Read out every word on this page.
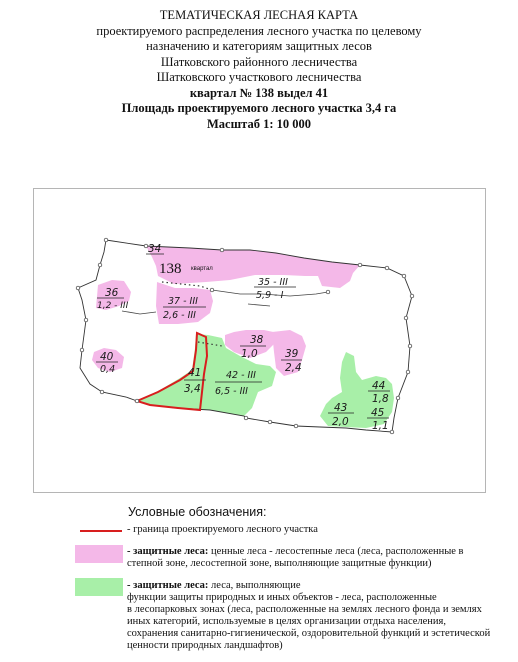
ТЕМАТИЧЕСКАЯ ЛЕСНАЯ КАРТА
проектируемого распределения лесного участка по целевому
назначению и категориям защитных лесов
Шатковского районного лесничества
Шатковского участкового лесничества
квартал № 138 выдел 41
Площадь проектируемого лесного участка 3,4 га
Масштаб 1: 10 000
138 квартал
34
36
1,2 - III
35 - III
5,9 - I
37 - III
2,6 - III
40
0,4
38
1,0	39
2,4
41
3,4
42 - III
6,5 - III	44
1,8
45
1,1
43
2,0
Условные обозначения:
- граница проектируемого лесного участка
- защитные леса: ценные леса - лесостепные леса (леса, расположенные в
степной зоне, лесостепной зоне, выполняющие защитные функции)
- защитные леса: леса, выполняющие
функции защиты природных и иных объектов - леса, расположенные
в лесопарковых зонах (леса, расположенные на землях лесного фонда и землях
иных категорий, используемые в целях организации отдыха населения,
сохранения санитарно-гигиенической, оздоровительной функций и эстетической
ценности природных ландшафтов)
